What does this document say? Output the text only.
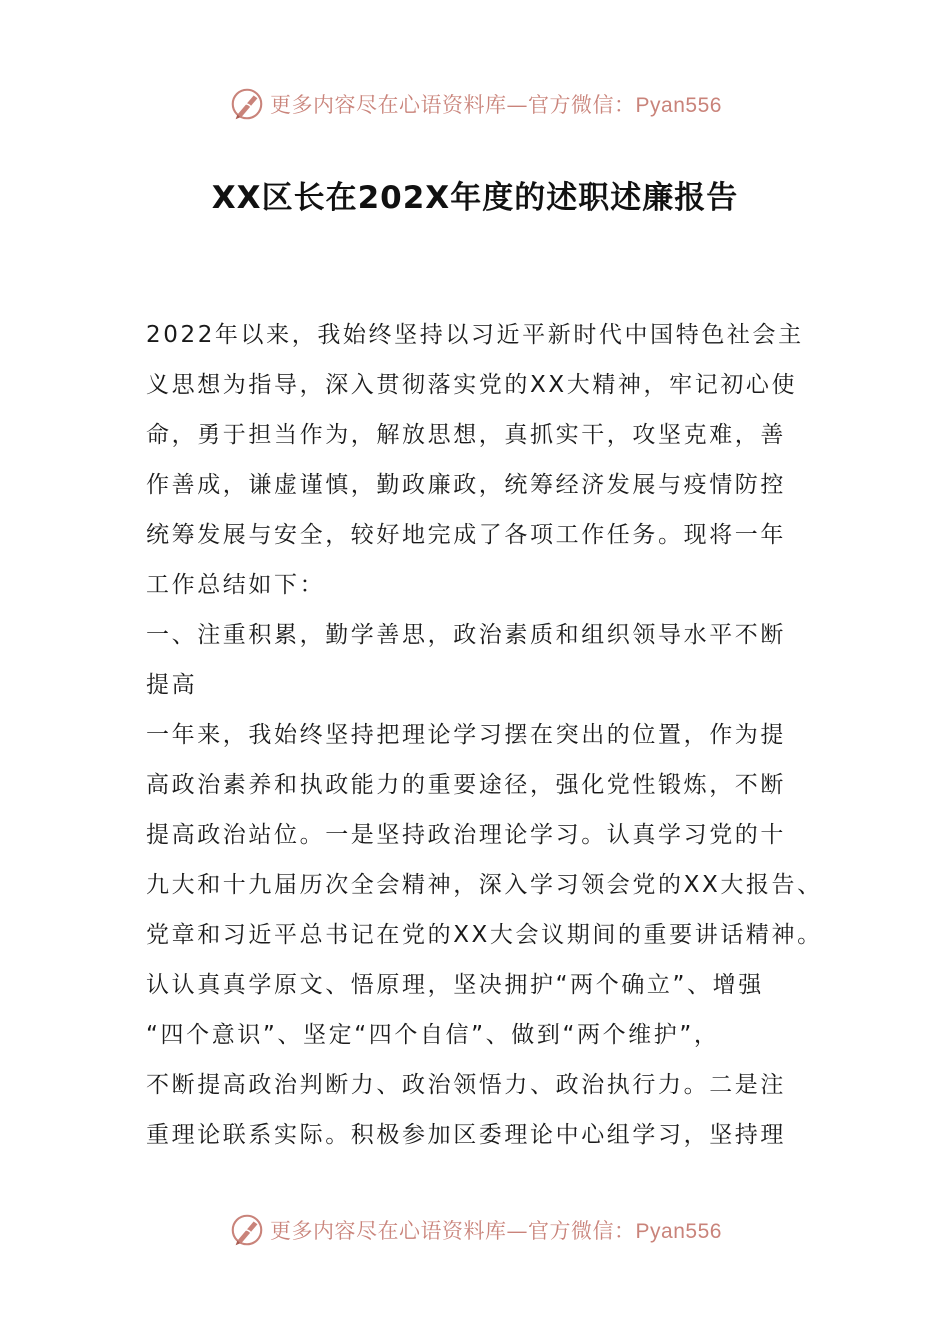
更多内容尽在心语资料库—官方微信：Pyan556
XX区长在202X年度的述职述廉报告
2022年以来，我始终坚持以习近平新时代中国特色社会主
义思想为指导，深入贯彻落实党的XX大精神，牢记初心使
命，勇于担当作为，解放思想，真抓实干，攻坚克难，善
作善成，谦虚谨慎，勤政廉政，统筹经济发展与疫情防控
统筹发展与安全，较好地完成了各项工作任务。现将一年
工作总结如下：
一、注重积累，勤学善思，政治素质和组织领导水平不断
提高
一年来，我始终坚持把理论学习摆在突出的位置，作为提
高政治素养和执政能力的重要途径，强化党性锻炼，不断
提高政治站位。一是坚持政治理论学习。认真学习党的十
九大和十九届历次全会精神，深入学习领会党的XX大报告、
党章和习近平总书记在党的XX大会议期间的重要讲话精神。
认认真真学原文、悟原理，坚决拥护“两个确立”、增强
“四个意识”、坚定“四个自信”、做到“两个维护”，
不断提高政治判断力、政治领悟力、政治执行力。二是注
重理论联系实际。积极参加区委理论中心组学习，坚持理
更多内容尽在心语资料库—官方微信：Pyan556
